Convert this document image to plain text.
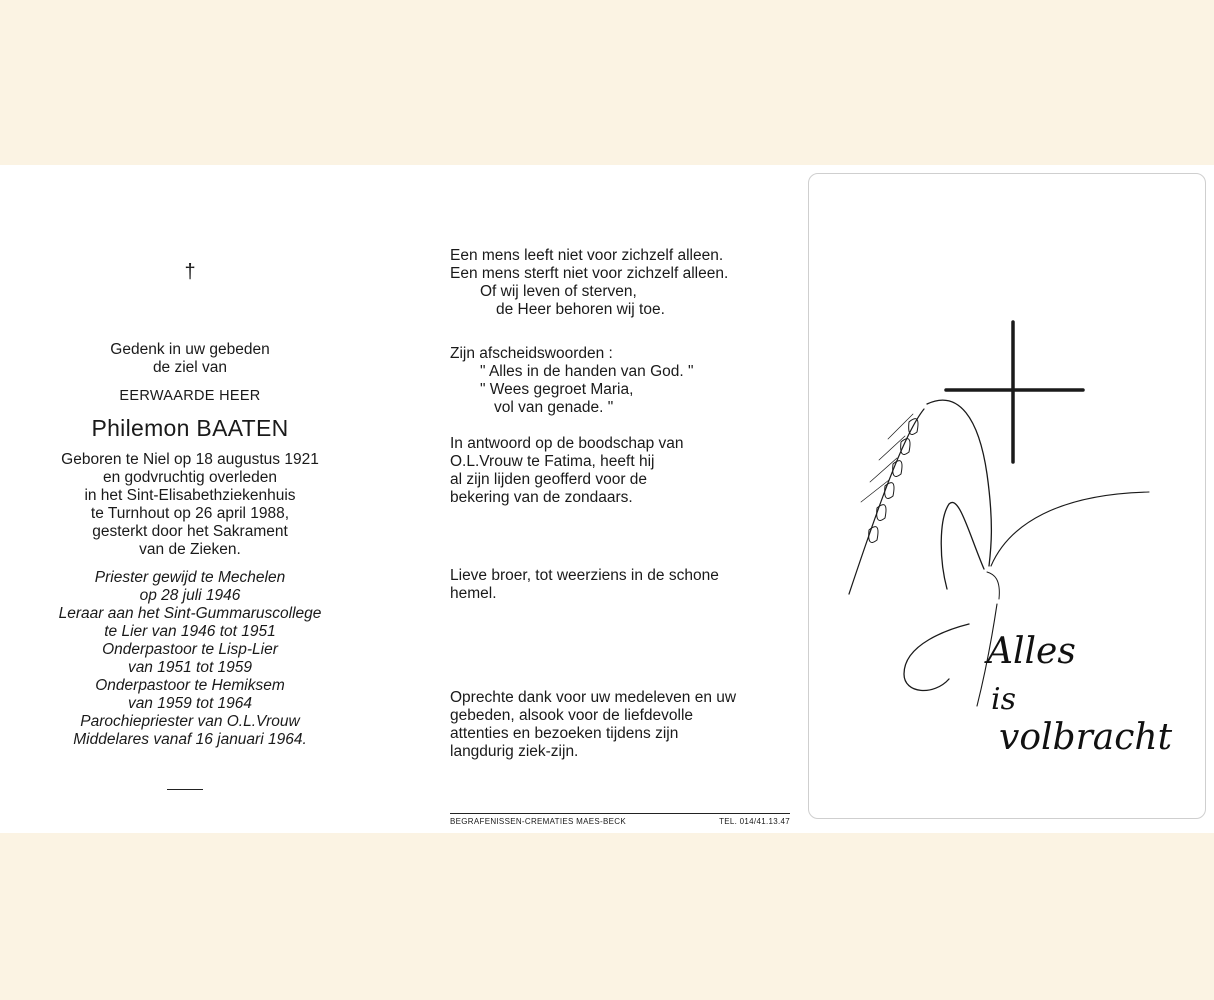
†
Gedenk in uw gebeden
de ziel van
EERWAARDE HEER
Philemon BAATEN
Geboren te Niel op 18 augustus 1921
en godvruchtig overleden
in het Sint-Elisabethziekenhuis
te Turnhout op 26 april 1988,
gesterkt door het Sakrament
van de Zieken.
Priester gewijd te Mechelen
op 28 juli 1946
Leraar aan het Sint-Gummaruscollege
te Lier van 1946 tot 1951
Onderpastoor te Lisp-Lier
van 1951 tot 1959
Onderpastoor te Hemiksem
van 1959 tot 1964
Parochiepriester van O.L.Vrouw
Middelares vanaf 16 januari 1964.
Een mens leeft niet voor zichzelf alleen.
Een mens sterft niet voor zichzelf alleen.
Of wij leven of sterven,
de Heer behoren wij toe.
Zijn afscheidswoorden :
" Alles in de handen van God. "
" Wees gegroet Maria,
vol van genade. "
In antwoord op de boodschap van
O.L.Vrouw te Fatima, heeft hij
al zijn lijden geofferd voor de
bekering van de zondaars.
Lieve broer, tot weerziens in de schone
hemel.
Oprechte dank voor uw medeleven en uw
gebeden, alsook voor de liefdevolle
attenties en bezoeken tijdens zijn
langdurig ziek-zijn.
BEGRAFENISSEN-CREMATIES MAES-BECK	TEL. 014/41.13.47
Alles
is
volbracht
